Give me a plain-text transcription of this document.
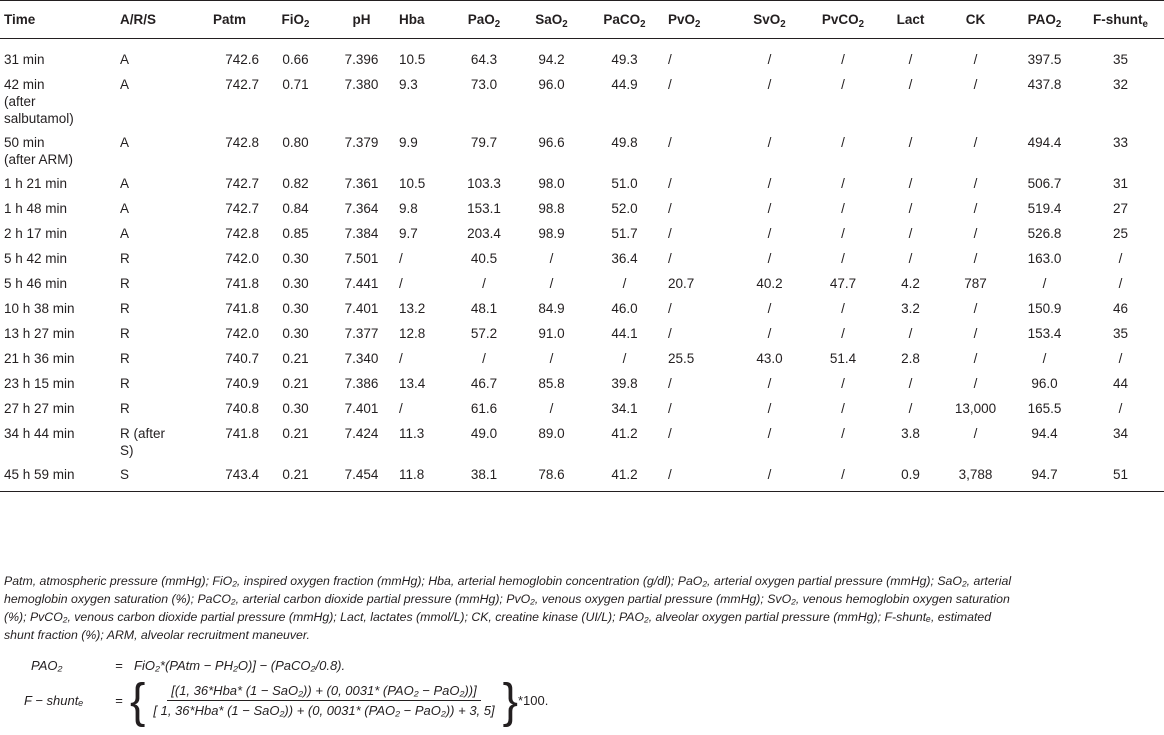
Time	A/R/S	Patm	FiO$_2$	pH	Hba	PaO$_2$	SaO$_2$	PaCO$_2$	PvO$_2$	SvO$_2$	PvCO$_2$	Lact	CK	$PAO_2$	F-shunt$_e$
31 min	A	742.6	0.66	7.396	10.5	64.3	94.2	49.3	/	/	/	/	/	397.5	35
42 min
(after
salbutamol)	A	742.7	0.71	7.380	9.3	73.0	96.0	44.9	/	/	/	/	/	437.8	32
50 min
(after ARM)	A	742.8	0.80	7.379	9.9	79.7	96.6	49.8	/	/	/	/	/	494.4	33
1 h 21 min	A	742.7	0.82	7.361	10.5	103.3	98.0	51.0	/	/	/	/	/	506.7	31
1 h 48 min	A	742.7	0.84	7.364	9.8	153.1	98.8	52.0	/	/	/	/	/	519.4	27
2 h 17 min	A	742.8	0.85	7.384	9.7	203.4	98.9	51.7	/	/	/	/	/	526.8	25
5 h 42 min	R	742.0	0.30	7.501	/	40.5	/	36.4	/	/	/	/	/	163.0	/
5 h 46 min	R	741.8	0.30	7.441	/	/	/	/	20.7	40.2	47.7	4.2	787	/	/
10 h 38 min	R	741.8	0.30	7.401	13.2	48.1	84.9	46.0	/	/	/	3.2	/	150.9	46
13 h 27 min	R	742.0	0.30	7.377	12.8	57.2	91.0	44.1	/	/	/	/	/	153.4	35
21 h 36 min	R	740.7	0.21	7.340	/	/	/	/	25.5	43.0	51.4	2.8	/	/	/
23 h 15 min	R	740.9	0.21	7.386	13.4	46.7	85.8	39.8	/	/	/	/	/	96.0	44
27 h 27 min	R	740.8	0.30	7.401	/	61.6	/	34.1	/	/	/	/	13,000	165.5	/
34 h 44 min	R (after
S)	741.8	0.21	7.424	11.3	49.0	89.0	41.2	/	/	/	3.8	/	94.4	34
45 h 59 min	S	743.4	0.21	7.454	11.8	38.1	78.6	41.2	/	/	/	0.9	3,788	94.7	51
Patm, atmospheric pressure (mmHg); FiO₂, inspired oxygen fraction (mmHg); Hba, arterial hemoglobin concentration (g/dl); PaO₂, arterial oxygen partial pressure (mmHg); SaO₂, arterial
hemoglobin oxygen saturation (%); PaCO₂, arterial carbon dioxide partial pressure (mmHg); PvO₂, venous oxygen partial pressure (mmHg); SvO₂, venous hemoglobin oxygen saturation
(%); PvCO₂, venous carbon dioxide partial pressure (mmHg); Lact, lactates (mmol/L); CK, creatine kinase (UI/L); PAO₂, alveolar oxygen partial pressure (mmHg); F-shuntₑ, estimated
shunt fraction (%); ARM, alveolar recruitment maneuver.
PAO₂	= FiO₂*(PAtm − PH₂O)] − (PaCO₂/0.8).
F − shuntₑ	= { $\frac{\text{[(1, 36*Hba* (1 − SaO₂)) + (0, 0031* (PAO₂ − PaO₂))]}}{\text{[ 1, 36*Hba* (1 − SaO₂)) + (0, 0031* (PAO₂ − PaO₂)) + 3, 5]}}$ } *100.
